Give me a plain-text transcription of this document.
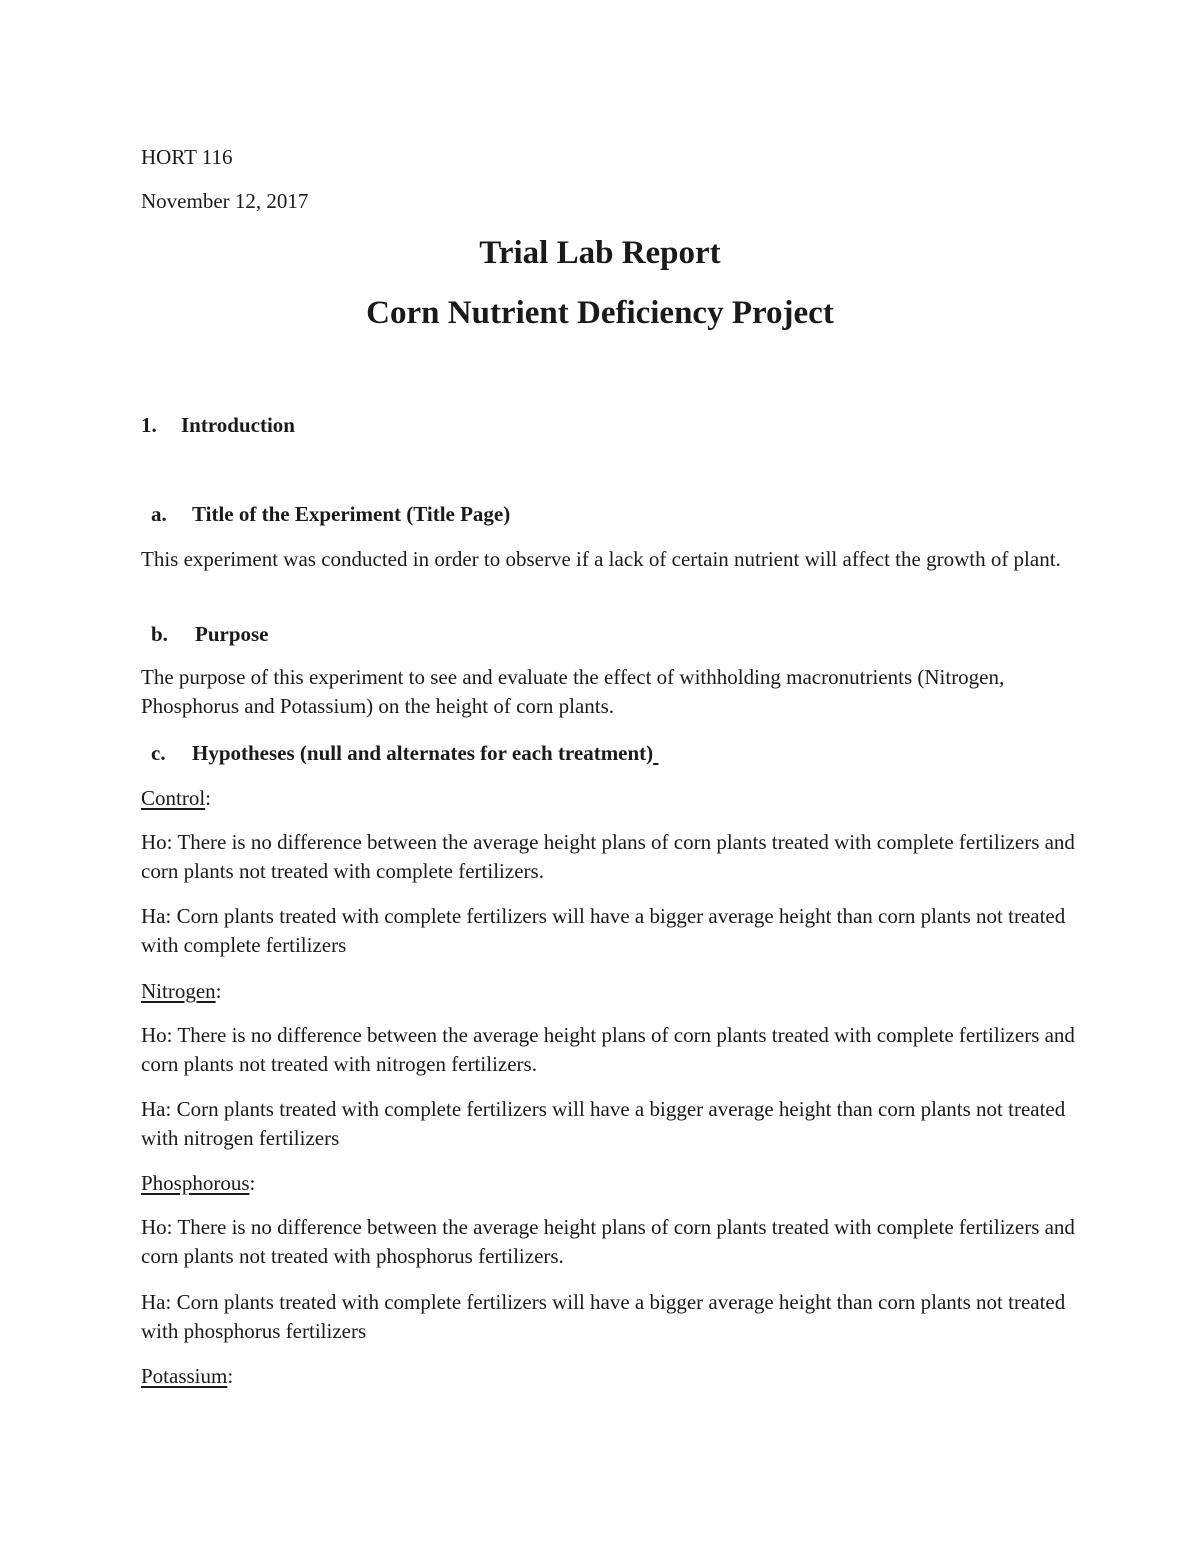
HORT 116
November 12, 2017
Trial Lab Report
Corn Nutrient Deficiency Project
1. Introduction
a. Title of the Experiment (Title Page)
This experiment was conducted in order to observe if a lack of certain nutrient will affect the growth of plant.
b. Purpose
The purpose of this experiment to see and evaluate the effect of withholding macronutrients (Nitrogen, Phosphorus and Potassium) on the height of corn plants.
c. Hypotheses (null and alternates for each treatment)
Control:
Ho: There is no difference between the average height plans of corn plants treated with complete fertilizers and corn plants not treated with complete fertilizers.
Ha: Corn plants treated with complete fertilizers will have a bigger average height than corn plants not treated with complete fertilizers
Nitrogen:
Ho: There is no difference between the average height plans of corn plants treated with complete fertilizers and corn plants not treated with nitrogen fertilizers.
Ha: Corn plants treated with complete fertilizers will have a bigger average height than corn plants not treated with nitrogen fertilizers
Phosphorous:
Ho: There is no difference between the average height plans of corn plants treated with complete fertilizers and corn plants not treated with phosphorus fertilizers.
Ha: Corn plants treated with complete fertilizers will have a bigger average height than corn plants not treated with phosphorus fertilizers
Potassium:
